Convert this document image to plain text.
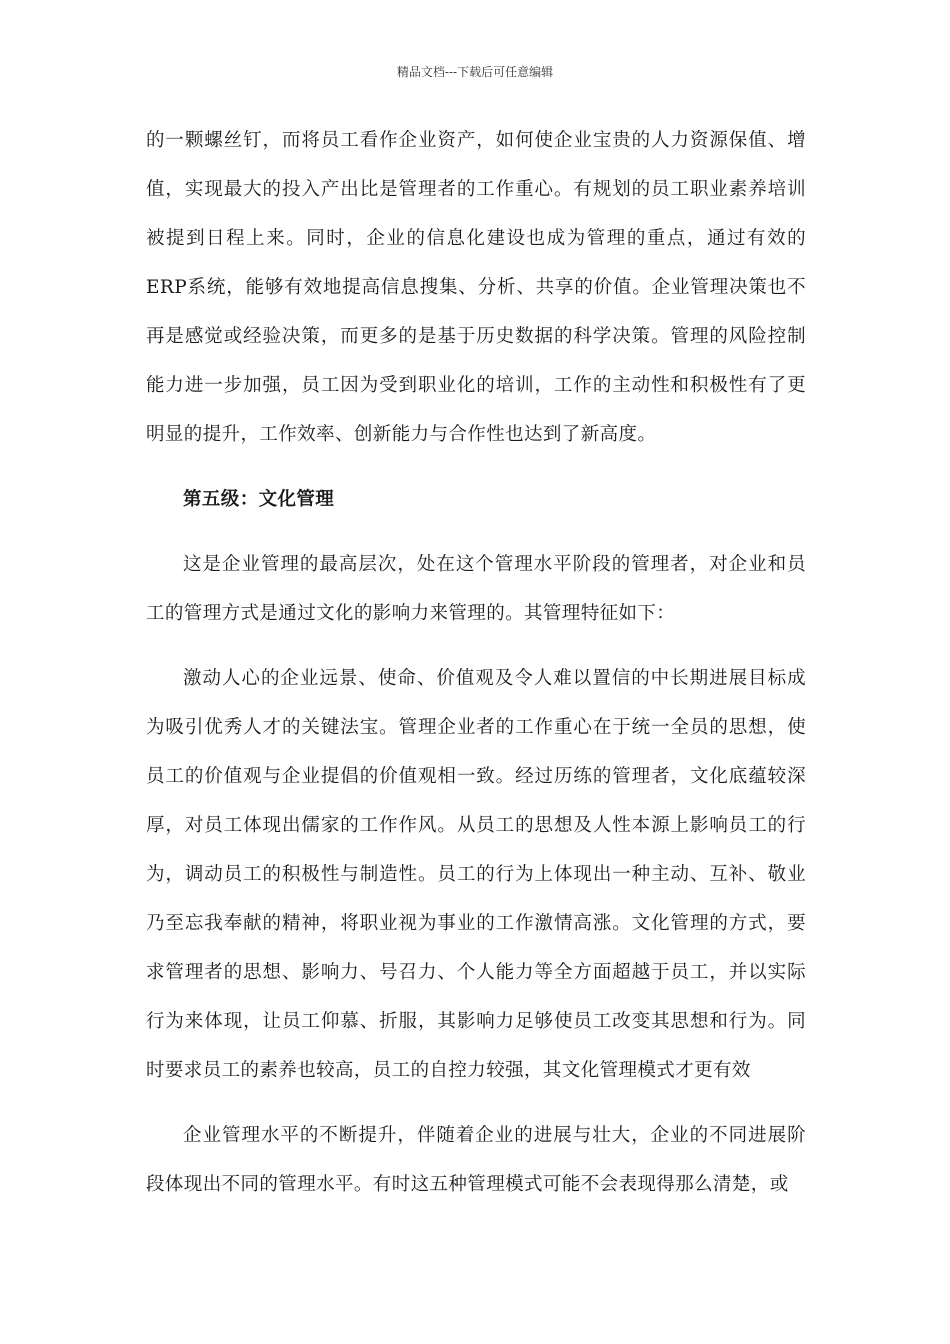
精品文档---下载后可任意编辑

的一颗螺丝钉，而将员工看作企业资产，如何使企业宝贵的人力资源保值、增值，实现最大的投入产出比是管理者的工作重心。有规划的员工职业素养培训被提到日程上来。同时，企业的信息化建设也成为管理的重点，通过有效的ERP系统，能够有效地提高信息搜集、分析、共享的价值。企业管理决策也不再是感觉或经验决策，而更多的是基于历史数据的科学决策。管理的风险控制能力进一步加强，员工因为受到职业化的培训，工作的主动性和积极性有了更明显的提升，工作效率、创新能力与合作性也达到了新高度。

第五级：文化管理

这是企业管理的最高层次，处在这个管理水平阶段的管理者，对企业和员工的管理方式是通过文化的影响力来管理的。其管理特征如下：

激动人心的企业远景、使命、价值观及令人难以置信的中长期进展目标成为吸引优秀人才的关键法宝。管理企业者的工作重心在于统一全员的思想，使员工的价值观与企业提倡的价值观相一致。经过历练的管理者，文化底蕴较深厚，对员工体现出儒家的工作作风。从员工的思想及人性本源上影响员工的行为，调动员工的积极性与制造性。员工的行为上体现出一种主动、互补、敬业乃至忘我奉献的精神，将职业视为事业的工作激情高涨。文化管理的方式，要求管理者的思想、影响力、号召力、个人能力等全方面超越于员工，并以实际行为来体现，让员工仰慕、折服，其影响力足够使员工改变其思想和行为。同时要求员工的素养也较高，员工的自控力较强，其文化管理模式才更有效

企业管理水平的不断提升，伴随着企业的进展与壮大，企业的不同进展阶段体现出不同的管理水平。有时这五种管理模式可能不会表现得那么清楚，或
